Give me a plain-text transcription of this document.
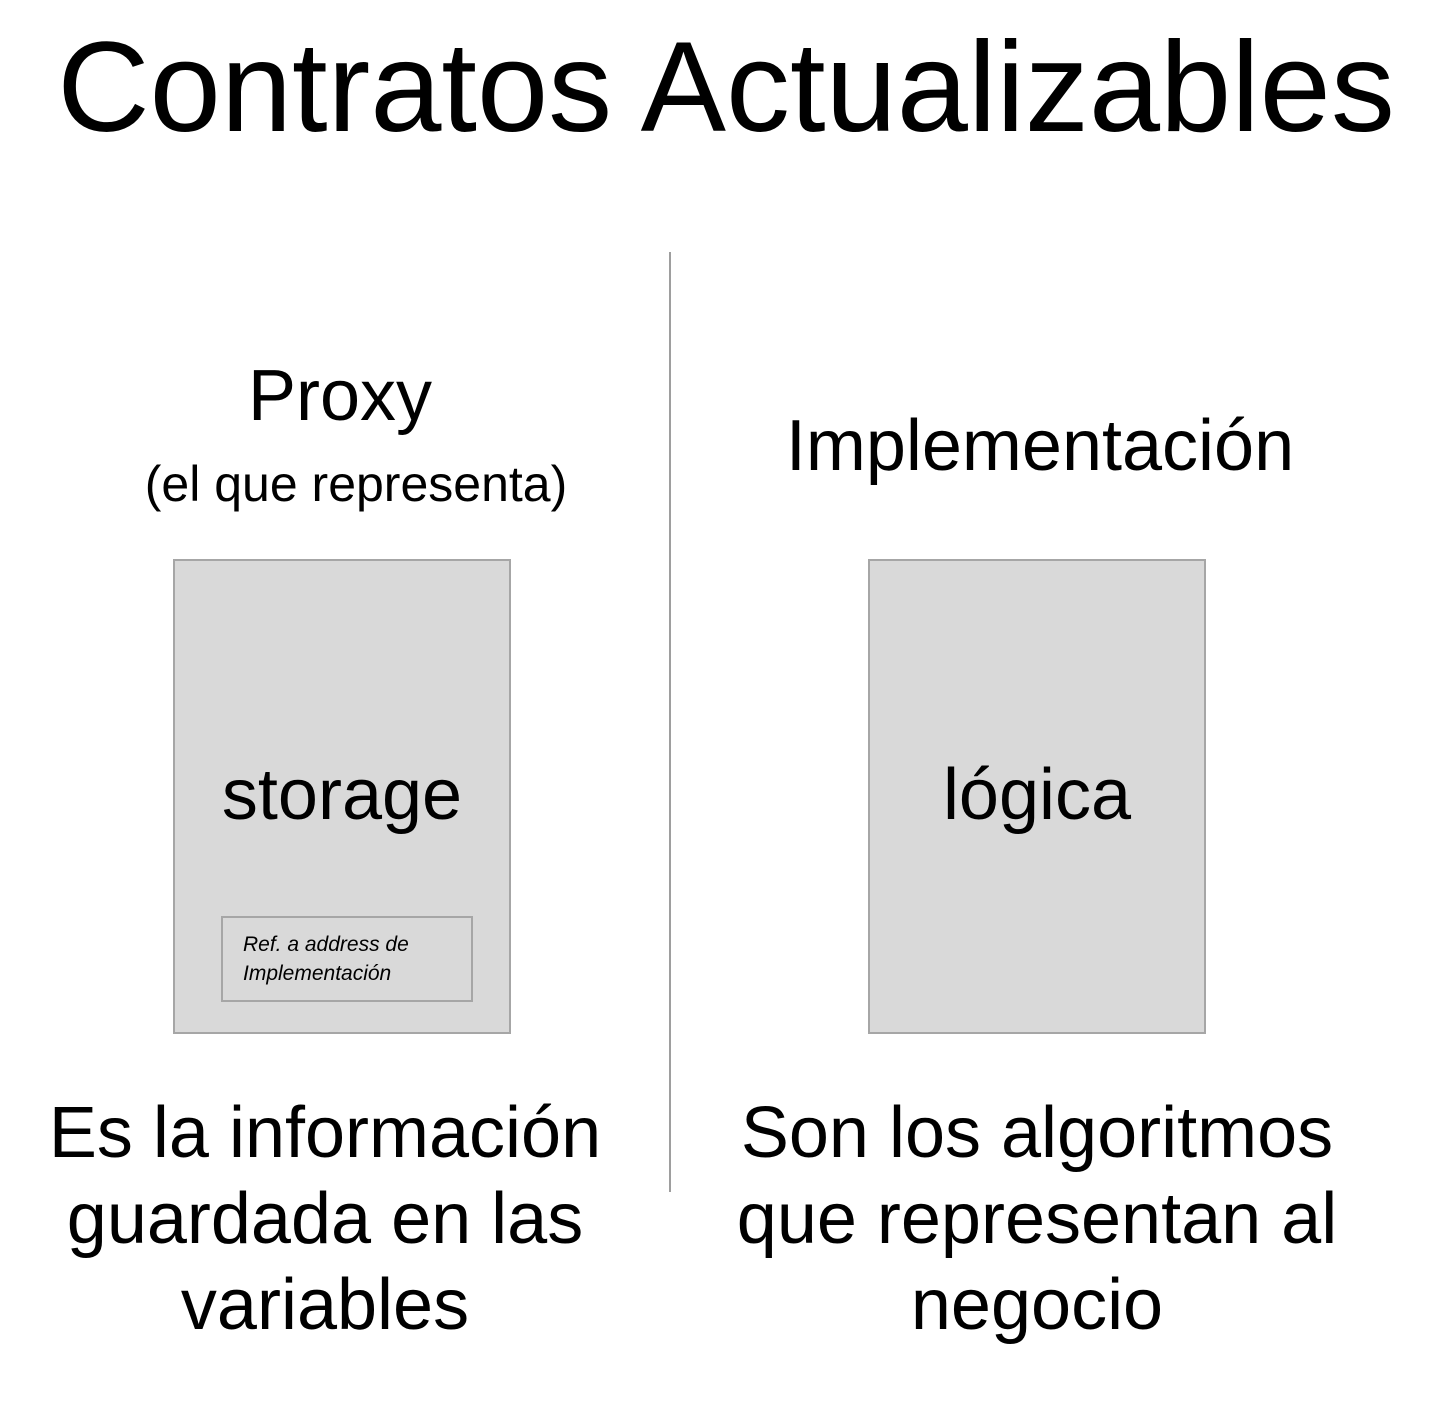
Contratos Actualizables
Proxy
(el que representa)	Implementación
storage
Ref. a address de
Implementación
lógica
Es la información
guardada en las
variables
Son los algoritmos
que representan al
negocio
